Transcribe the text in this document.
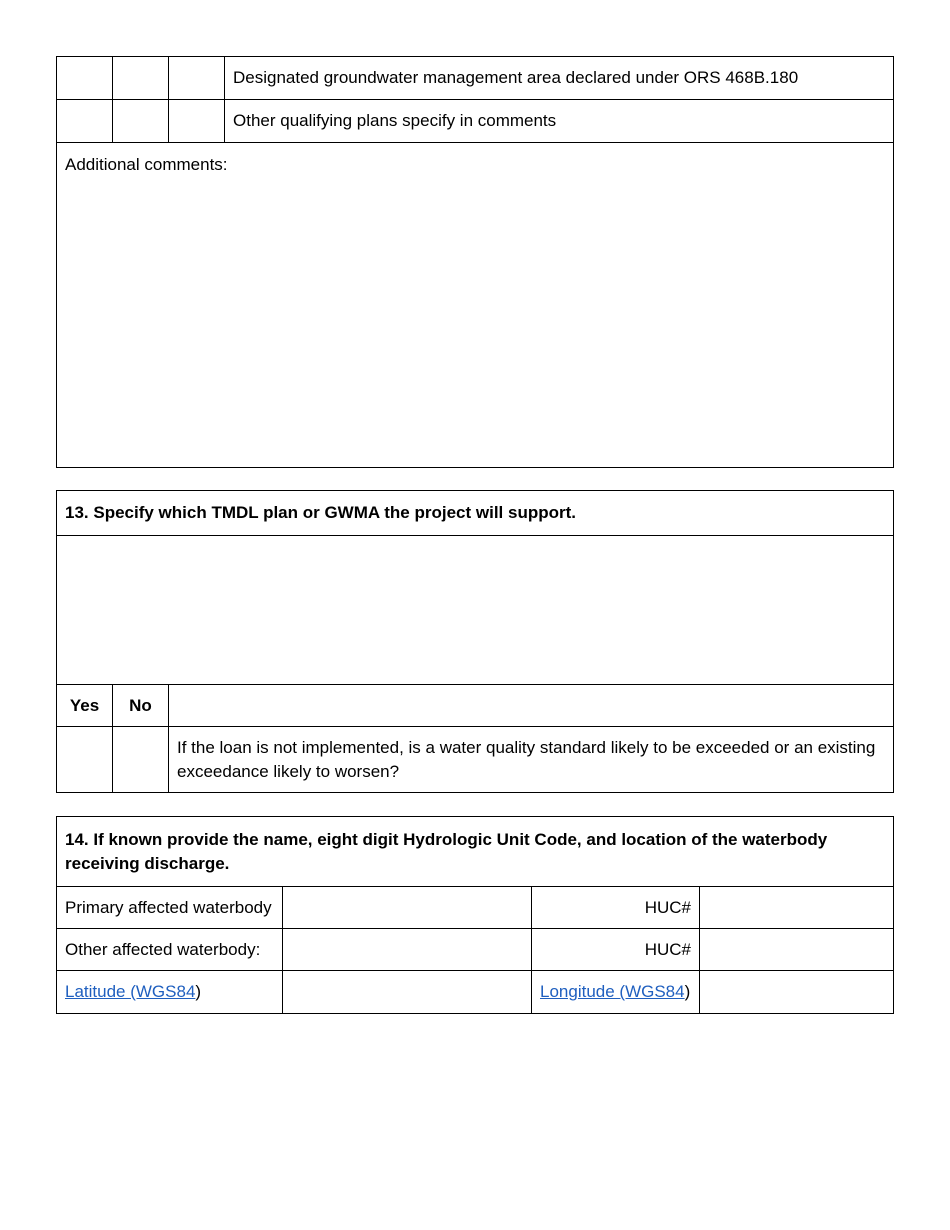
			Designated groundwater management area declared under ORS 468B.180
			Other qualifying plans specify in comments
Additional comments:			
13. Specify which TMDL plan or GWMA the project will support.		

Yes	No	
		If the loan is not implemented, is a water quality standard likely to be exceeded or an existing exceedance likely to worsen?
14. If known provide the name, eight digit Hydrologic Unit Code, and location of the waterbody receiving discharge.			
Primary affected waterbody		HUC#	
Other affected waterbody:		HUC#	
Latitude (WGS84)		Longitude (WGS84)	
